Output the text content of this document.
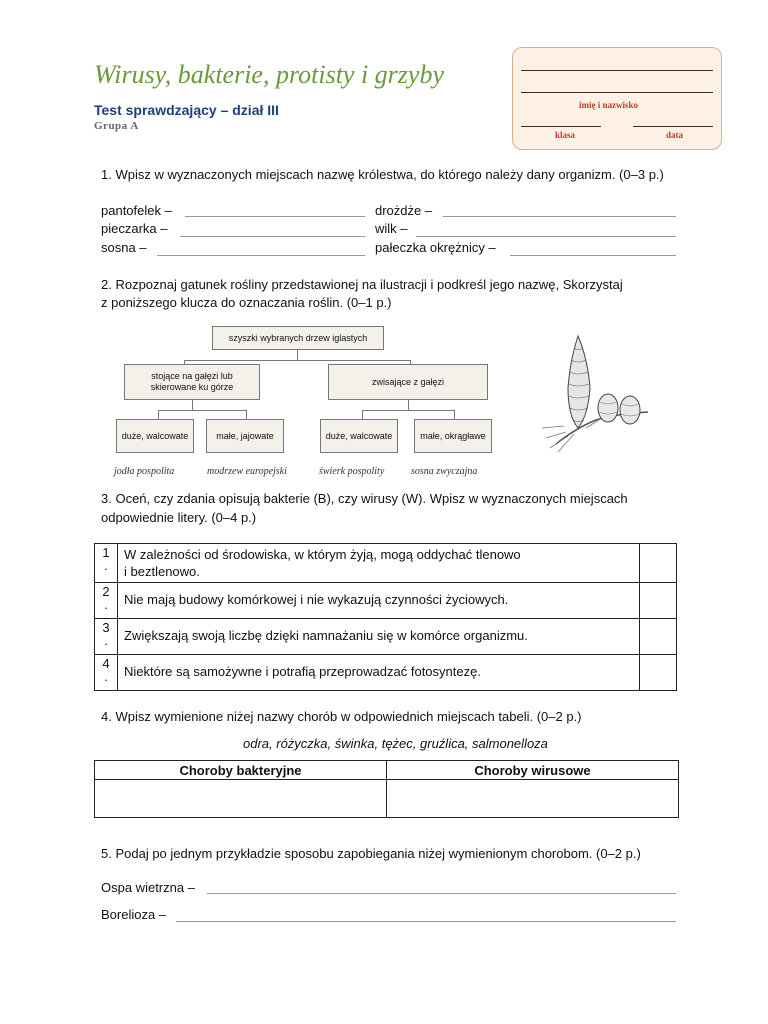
Wirusy, bakterie, protisty i grzyby
Test sprawdzający – dział III
Grupa A
imię i nazwisko
klasa	data
1. Wpisz w wyznaczonych miejscach nazwę królestwa, do którego należy dany organizm. (0–3 p.)
pantofelek –	drożdże –
pieczarka –	wilk –
sosna –	pałeczka okrężnicy –
2. Rozpoznaj gatunek rośliny przedstawionej na ilustracji i podkreśl jego nazwę, Skorzystaj
z poniższego klucza do oznaczania roślin. (0–1 p.)
szyszki wybranych drzew iglastych
stojące na gałęzi lub skierowane ku górze
zwisające z gałęzi
duże, walcowate	małe, jajowate	duże, walcowate	małe, okrągławe
jodła pospolita	modrzew europejski	świerk pospolity	sosna zwyczajna
3. Oceń, czy zdania opisują bakterie (B), czy wirusy (W). Wpisz w wyznaczonych miejscach
odpowiednie litery. (0–4 p.)
1
.	W zależności od środowiska, w którym żyją, mogą oddychać tlenowo
i beztlenowo.	
2
.	Nie mają budowy komórkowej i nie wykazują czynności życiowych.	
3
.	Zwiększają swoją liczbę dzięki namnażaniu się w komórce organizmu.	
4
.	Niektóre są samożywne i potrafią przeprowadzać fotosyntezę.	
4. Wpisz wymienione niżej nazwy chorób w odpowiednich miejscach tabeli. (0–2 p.)
odra, różyczka, świnka, tężec, gruźlica, salmonelloza
Choroby bakteryjne	Choroby wirusowe

5. Podaj po jednym przykładzie sposobu zapobiegania niżej wymienionym chorobom. (0–2 p.)
Ospa wietrzna –
Borelioza –
